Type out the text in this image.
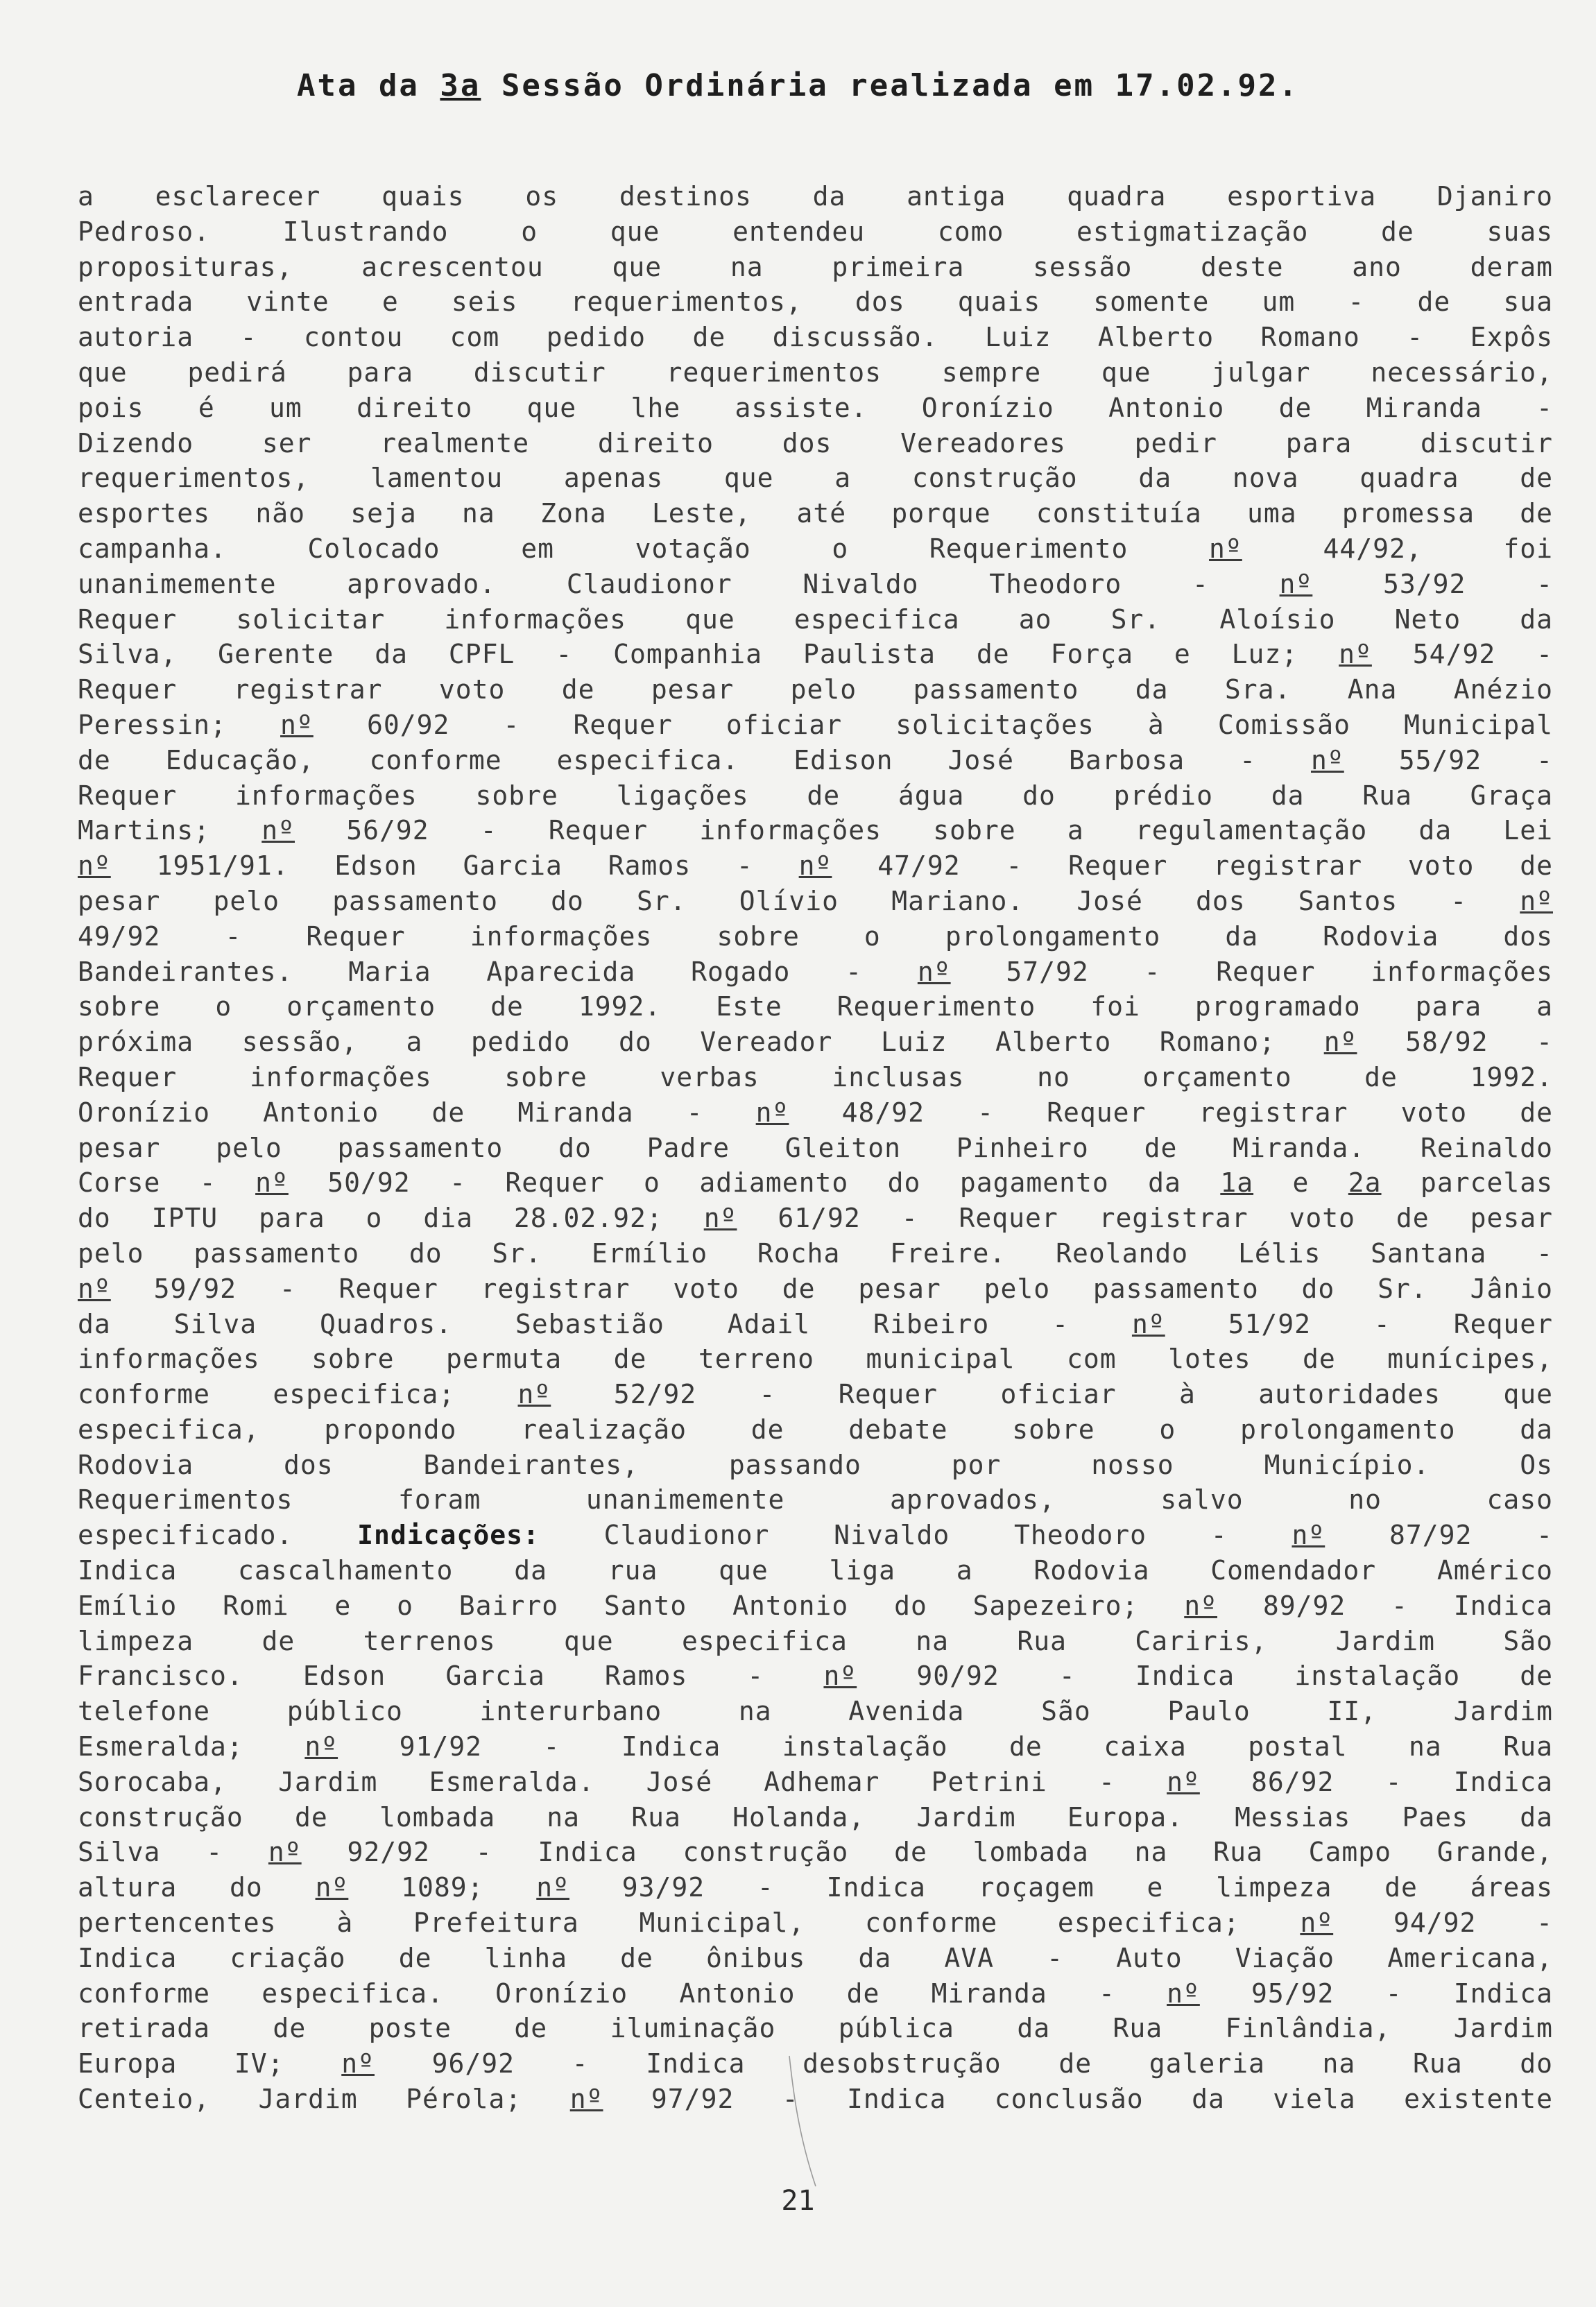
Ata da 3a Sessão Ordinária realizada em 17.02.92.
a esclarecer quais os destinos da antiga quadra esportiva Djaniro
Pedroso. Ilustrando o que entendeu como estigmatização de suas
proposituras, acrescentou que na primeira sessão deste ano deram
entrada vinte e seis requerimentos, dos quais somente um - de sua
autoria - contou com pedido de discussão. Luiz Alberto Romano - Expôs
que pedirá para discutir requerimentos sempre que julgar necessário,
pois é um direito que lhe assiste. Oronízio Antonio de Miranda -
Dizendo ser realmente direito dos Vereadores pedir para discutir
requerimentos, lamentou apenas que a construção da nova quadra de
esportes não seja na Zona Leste, até porque constituía uma promessa de
campanha. Colocado em votação o Requerimento nº 44/92, foi
unanimemente aprovado. Claudionor Nivaldo Theodoro - nº 53/92 -
Requer solicitar informações que especifica ao Sr. Aloísio Neto da
Silva, Gerente da CPFL - Companhia Paulista de Força e Luz; nº 54/92 -
Requer registrar voto de pesar pelo passamento da Sra. Ana Anézio
Peressin; nº 60/92 - Requer oficiar solicitações à Comissão Municipal
de Educação, conforme especifica. Edison José Barbosa - nº 55/92 -
Requer informações sobre ligações de água do prédio da Rua Graça
Martins; nº 56/92 - Requer informações sobre a regulamentação da Lei
nº 1951/91. Edson Garcia Ramos - nº 47/92 - Requer registrar voto de
pesar pelo passamento do Sr. Olívio Mariano. José dos Santos - nº
49/92 - Requer informações sobre o prolongamento da Rodovia dos
Bandeirantes. Maria Aparecida Rogado - nº 57/92 - Requer informações
sobre o orçamento de 1992. Este Requerimento foi programado para a
próxima sessão, a pedido do Vereador Luiz Alberto Romano; nº 58/92 -
Requer informações sobre verbas inclusas no orçamento de 1992.
Oronízio Antonio de Miranda - nº 48/92 - Requer registrar voto de
pesar pelo passamento do Padre Gleiton Pinheiro de Miranda. Reinaldo
Corse - nº 50/92 - Requer o adiamento do pagamento da 1a e 2a parcelas
do IPTU para o dia 28.02.92; nº 61/92 - Requer registrar voto de pesar
pelo passamento do Sr. Ermílio Rocha Freire. Reolando Lélis Santana -
nº 59/92 - Requer registrar voto de pesar pelo passamento do Sr. Jânio
da Silva Quadros. Sebastião Adail Ribeiro - nº 51/92 - Requer
informações sobre permuta de terreno municipal com lotes de munícipes,
conforme especifica; nº 52/92 - Requer oficiar à autoridades que
especifica, propondo realização de debate sobre o prolongamento da
Rodovia dos Bandeirantes, passando por nosso Município. Os
Requerimentos foram unanimemente aprovados, salvo no caso
especificado. Indicações: Claudionor Nivaldo Theodoro - nº 87/92 -
Indica cascalhamento da rua que liga a Rodovia Comendador Américo
Emílio Romi e o Bairro Santo Antonio do Sapezeiro; nº 89/92 - Indica
limpeza de terrenos que especifica na Rua Cariris, Jardim São
Francisco. Edson Garcia Ramos - nº 90/92 - Indica instalação de
telefone público interurbano na Avenida São Paulo II, Jardim
Esmeralda; nº 91/92 - Indica instalação de caixa postal na Rua
Sorocaba, Jardim Esmeralda. José Adhemar Petrini - nº 86/92 - Indica
construção de lombada na Rua Holanda, Jardim Europa. Messias Paes da
Silva - nº 92/92 - Indica construção de lombada na Rua Campo Grande,
altura do nº 1089; nº 93/92 - Indica roçagem e limpeza de áreas
pertencentes à Prefeitura Municipal, conforme especifica; nº 94/92 -
Indica criação de linha de ônibus da AVA - Auto Viação Americana,
conforme especifica. Oronízio Antonio de Miranda - nº 95/92 - Indica
retirada de poste de iluminação pública da Rua Finlândia, Jardim
Europa IV; nº 96/92 - Indica desobstrução de galeria na Rua do
Centeio, Jardim Pérola; nº 97/92 - Indica conclusão da viela existente
21
